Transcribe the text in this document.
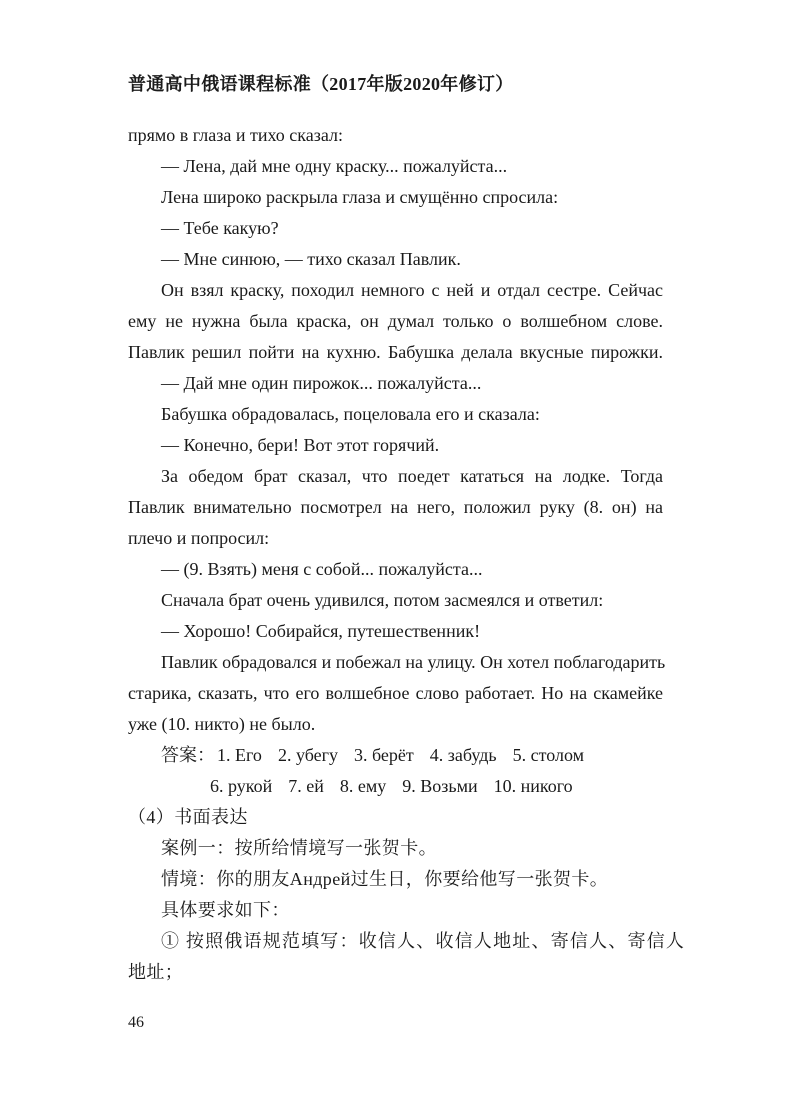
普通高中俄语课程标准（2017年版2020年修订）
прямо в глаза и тихо сказал:
— Лена, дай мне одну краску... пожалуйста...
Лена широко раскрыла глаза и смущённо спросила:
— Тебе какую?
— Мне синюю, — тихо сказал Павлик.
Он взял краску, походил немного с ней и отдал сестре. Сейчас
ему не нужна была краска, он думал только о волшебном слове.
Павлик решил пойти на кухню. Бабушка делала вкусные пирожки.
— Дай мне один пирожок... пожалуйста...
Бабушка обрадовалась, поцеловала его и сказала:
— Конечно, бери! Вот этот горячий.
За обедом брат сказал, что поедет кататься на лодке. Тогда
Павлик внимательно посмотрел на него, положил руку (8. он) на
плечо и попросил:
— (9. Взять) меня с собой... пожалуйста...
Сначала брат очень удивился, потом засмеялся и ответил:
— Хорошо! Собирайся, путешественник!
Павлик обрадовался и побежал на улицу. Он хотел поблагодарить
старика, сказать, что его волшебное слово работает. Но на скамейке
уже (10. никто) не было.
答案： 1. Его 2. убегу 3. берёт 4. забудь 5. столом
6. рукой 7. ей 8. ему 9. Возьми 10. никого
（4）书面表达
案例一：按所给情境写一张贺卡。
情境：你的朋友Андрей过生日，你要给他写一张贺卡。
具体要求如下：
① 按照俄语规范填写：收信人、收信人地址、寄信人、寄信人
地址；
46
